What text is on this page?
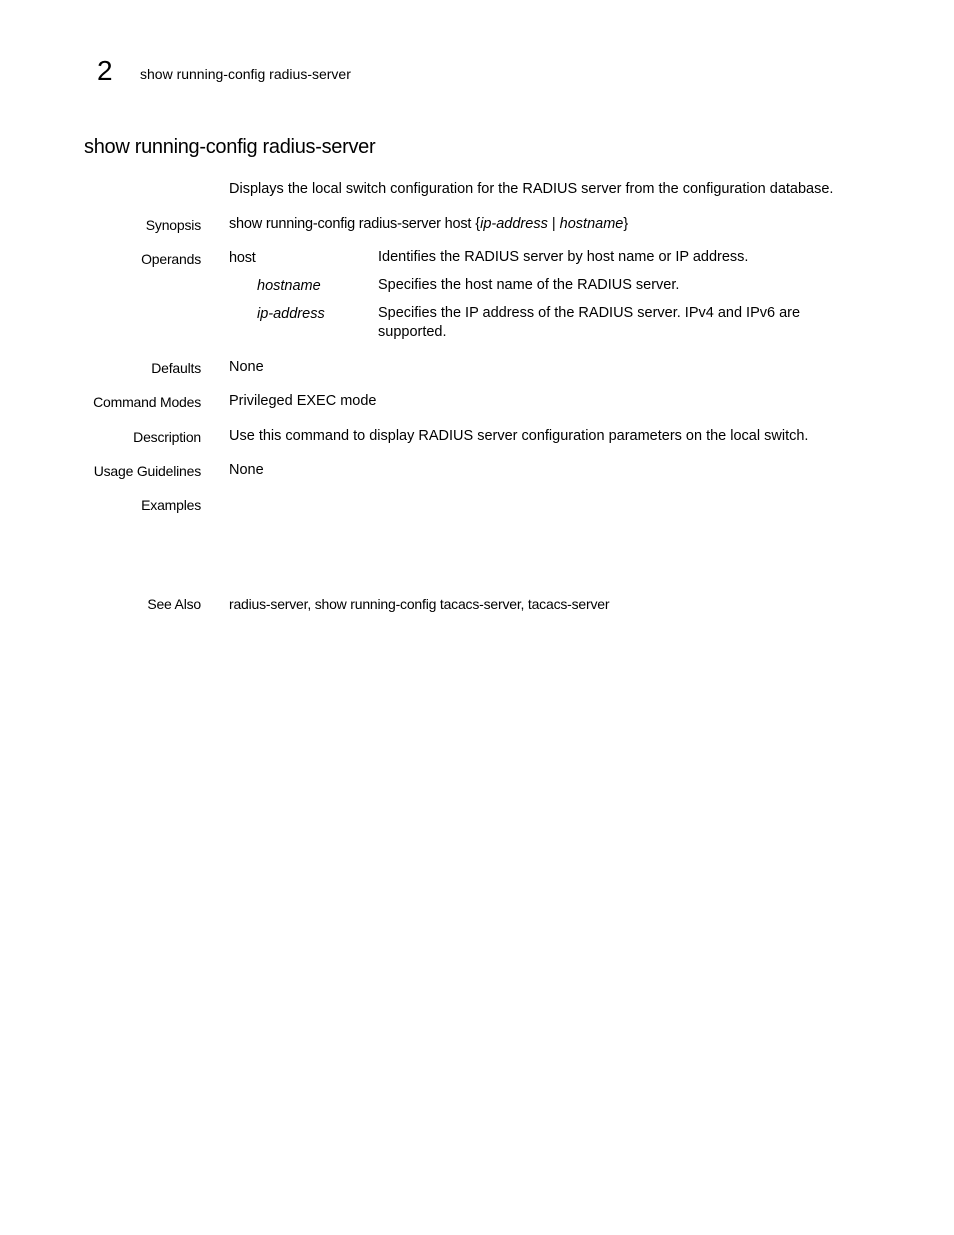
2 show running-config radius-server
show running-config radius-server
Displays the local switch configuration for the RADIUS server from the configuration database.
Synopsis show running-config radius-server host {ip-address | hostname}
Operands host	Identifies the RADIUS server by host name or IP address.
hostname	Specifies the host name of the RADIUS server.
ip-address	Specifies the IP address of the RADIUS server. IPv4 and IPv6 are supported.
Defaults None
Command Modes Privileged EXEC mode
Description Use this command to display RADIUS server configuration parameters on the local switch.
Usage Guidelines None
Examples
See Also radius-server, show running-config tacacs-server, tacacs-server
